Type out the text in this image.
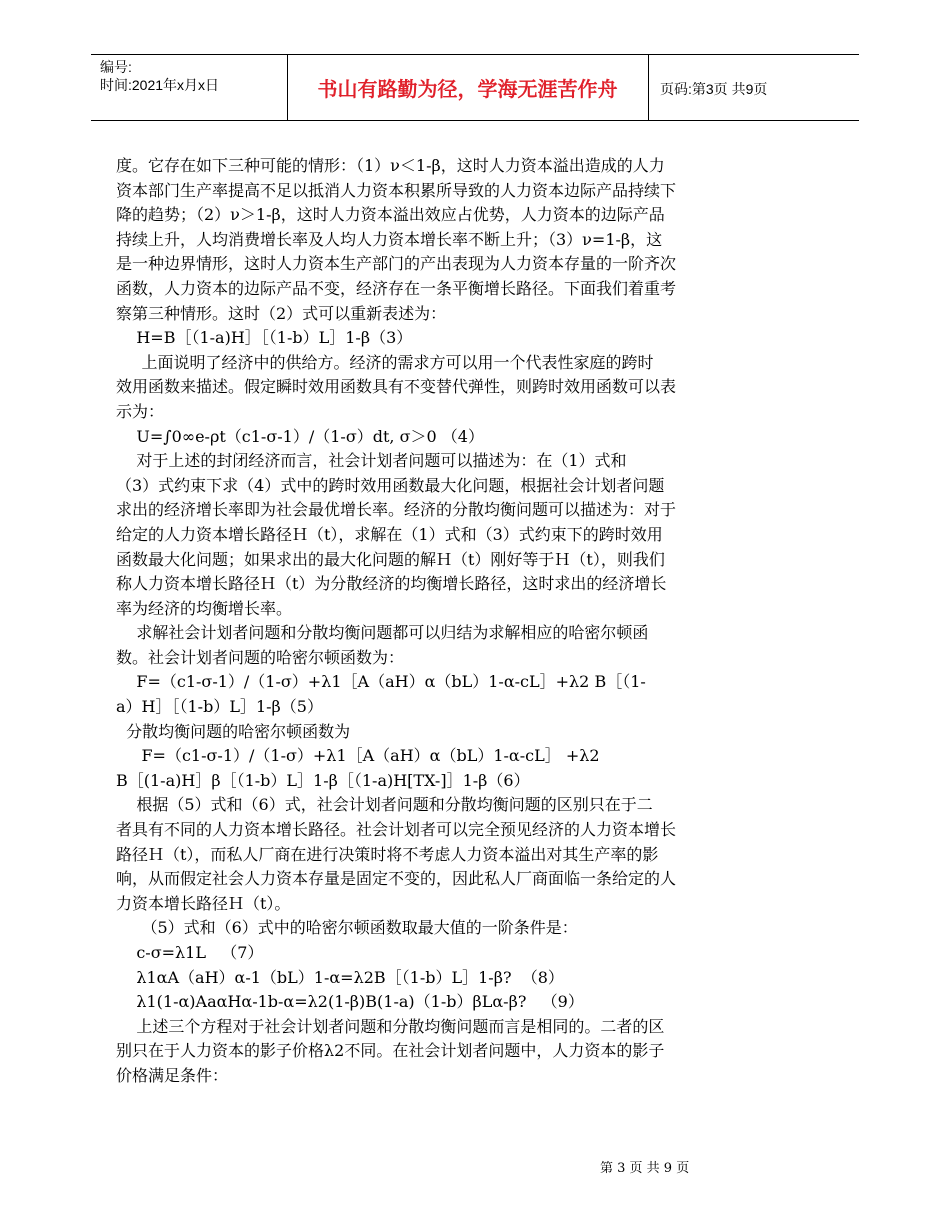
编号:
时间:2021年x月x日	书山有路勤为径，学海无涯苦作舟	页码:第3页 共9页

度。它存在如下三种可能的情形：（1）ν＜1-β，这时人力资本溢出造成的人力

资本部门生产率提高不足以抵消人力资本积累所导致的人力资本边际产品持续下

降的趋势；（2）ν＞1-β，这时人力资本溢出效应占优势，人力资本的边际产品

持续上升，人均消费增长率及人均人力资本增长率不断上升；（3）ν=1-β，这

是一种边界情形，这时人力资本生产部门的产出表现为人力资本存量的一阶齐次

函数，人力资本的边际产品不变，经济存在一条平衡增长路径。下面我们着重考

察第三种情形。这时（2）式可以重新表述为：

H=B［（1-a)H］［（1-b）L］1-β（3）

上面说明了经济中的供给方。经济的需求方可以用一个代表性家庭的跨时

效用函数来描述。假定瞬时效用函数具有不变替代弹性，则跨时效用函数可以表

示为：

U=∫0∞e-ρt（c1-σ-1）/（1-σ）dt, σ＞0 （4）

对于上述的封闭经济而言，社会计划者问题可以描述为：在（1）式和

（3）式约束下求（4）式中的跨时效用函数最大化问题，根据社会计划者问题

求出的经济增长率即为社会最优增长率。经济的分散均衡问题可以描述为：对于

给定的人力资本增长路径Ｈ（t），求解在（1）式和（3）式约束下的跨时效用

函数最大化问题；如果求出的最大化问题的解Ｈ（t）刚好等于Ｈ（t），则我们

称人力资本增长路径Ｈ（t）为分散经济的均衡增长路径，这时求出的经济增长

率为经济的均衡增长率。

求解社会计划者问题和分散均衡问题都可以归结为求解相应的哈密尔顿函

数。社会计划者问题的哈密尔顿函数为：

F=（c1-σ-1）/（1-σ）+λ1［A（aH）α（bL）1-α-cL］+λ2 B［（1-

a）H］［（1-b）L］1-β（5）

分散均衡问题的哈密尔顿函数为

F=（c1-σ-1）/（1-σ）+λ1［A（aH）α（bL）1-α-cL］ +λ2

B［(1-a)H］β［（1-b）L］1-β［（1-a)H[TX-]］1-β（6）

根据（5）式和（6）式，社会计划者问题和分散均衡问题的区别只在于二

者具有不同的人力资本增长路径。社会计划者可以完全预见经济的人力资本增长

路径Ｈ（t），而私人厂商在进行决策时将不考虑人力资本溢出对其生产率的影

响，从而假定社会人力资本存量是固定不变的，因此私人厂商面临一条给定的人

力资本增长路径Ｈ（t）。

（5）式和（6）式中的哈密尔顿函数取最大值的一阶条件是：

c-σ=λ1L   （7）

λ1αA（aH）α-1（bL）1-α=λ2B［（1-b）L］1-β?  （8）

λ1(1-α)AaαHα-1b-α=λ2(1-β)B(1-a)（1-b）βLα-β?   （9）

上述三个方程对于社会计划者问题和分散均衡问题而言是相同的。二者的区

别只在于人力资本的影子价格λ2不同。在社会计划者问题中，人力资本的影子

价格满足条件：

第 3 页 共 9 页
